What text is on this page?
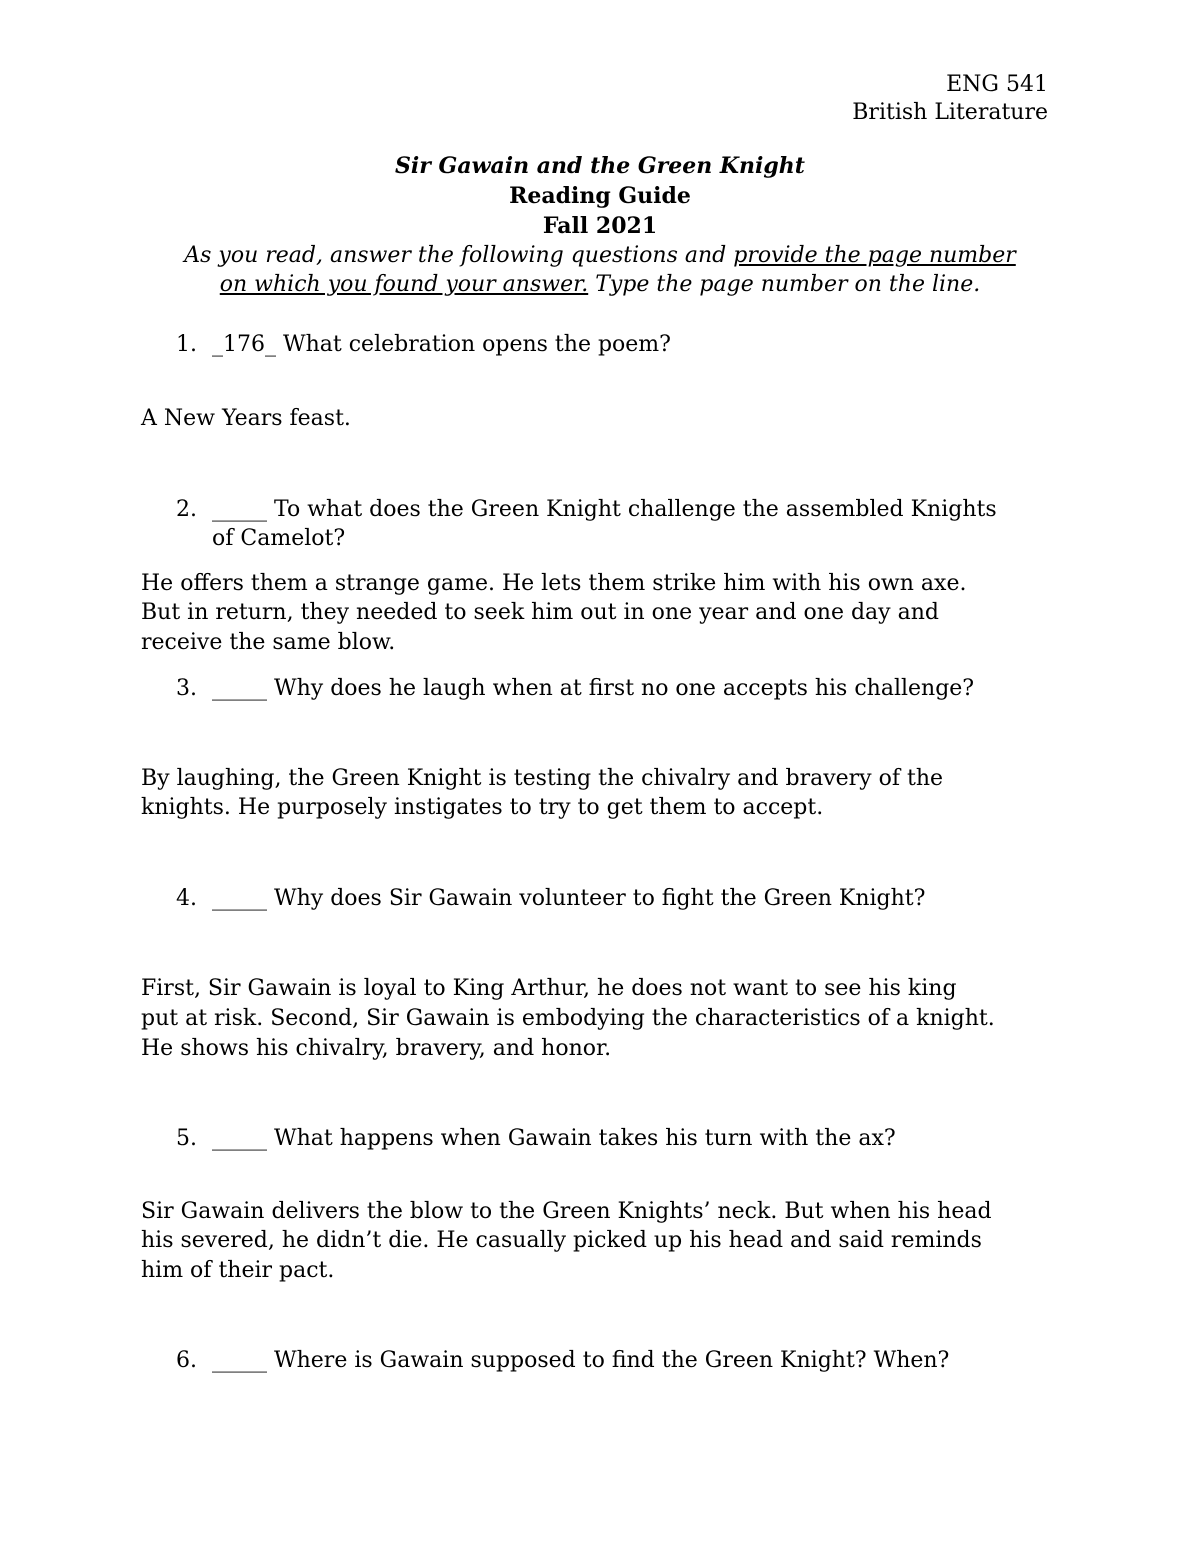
ENG 541
British Literature
Sir Gawain and the Green Knight
Reading Guide
Fall 2021
As you read, answer the following questions and provide the page number
on which you found your answer. Type the page number on the line.
1. _176_ What celebration opens the poem?
A New Years feast.
2. _____ To what does the Green Knight challenge the assembled Knights
of Camelot?
He offers them a strange game. He lets them strike him with his own axe.
But in return, they needed to seek him out in one year and one day and
receive the same blow.
3. _____ Why does he laugh when at first no one accepts his challenge?
By laughing, the Green Knight is testing the chivalry and bravery of the
knights. He purposely instigates to try to get them to accept.
4. _____ Why does Sir Gawain volunteer to fight the Green Knight?
First, Sir Gawain is loyal to King Arthur, he does not want to see his king
put at risk. Second, Sir Gawain is embodying the characteristics of a knight.
He shows his chivalry, bravery, and honor.
5. _____ What happens when Gawain takes his turn with the ax?
Sir Gawain delivers the blow to the Green Knights’ neck. But when his head
his severed, he didn’t die. He casually picked up his head and said reminds
him of their pact.
6. _____ Where is Gawain supposed to find the Green Knight? When?
